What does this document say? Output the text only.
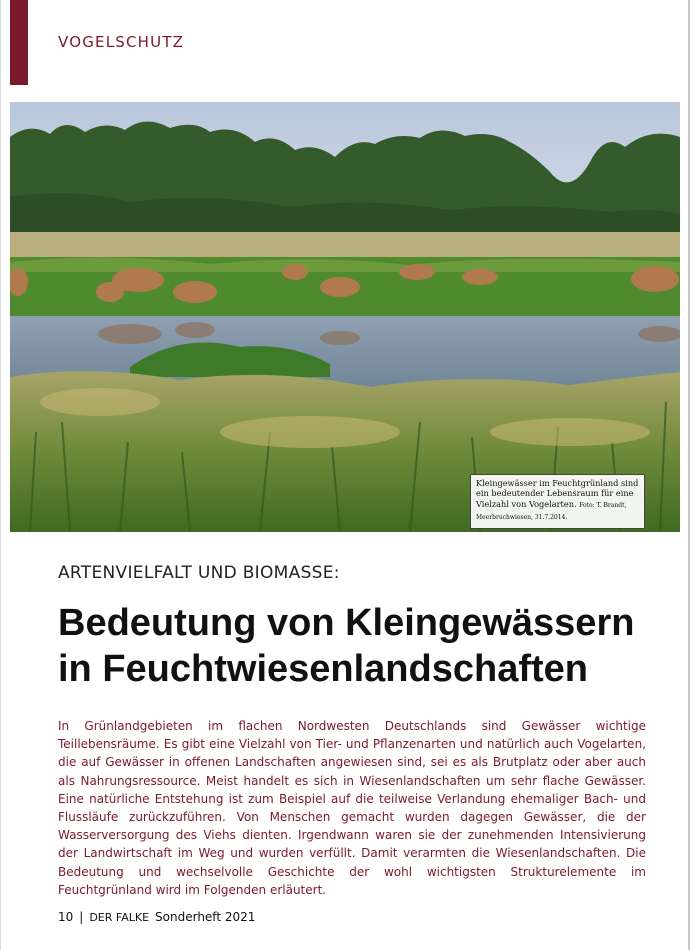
VOGELSCHUTZ
Kleingewässer im Feuchtgrünland sind ein bedeutender Lebensraum für eine Vielzahl von Vogelarten. Foto: T. Brandt, Meerbruchwiesen, 31.7.2014.
ARTENVIELFALT UND BIOMASSE:
Bedeutung von Kleingewässern
in Feuchtwiesenlandschaften

In Grünlandgebieten im flachen Nordwesten Deutschlands sind Gewässer wichtige Teillebensräume. Es gibt eine Vielzahl von Tier- und Pflanzenarten und natürlich auch Vogelarten, die auf Gewässer in offenen Landschaften angewiesen sind, sei es als Brutplatz oder aber auch als Nahrungsressource. Meist handelt es sich in Wiesenlandschaften um sehr flache Gewässer. Eine natürliche Entstehung ist zum Beispiel auf die teilweise Verlandung ehemaliger Bach- und Flussläufe zurückzuführen. Von Menschen gemacht wurden dagegen Gewässer, die der Wasserversorgung des Viehs dienten. Irgendwann waren sie der zunehmenden Intensivierung der Landwirtschaft im Weg und wurden verfüllt. Damit verarmten die Wiesenlandschaften. Die Bedeutung und wechselvolle Geschichte der wohl wichtigsten Strukturelemente im Feuchtgrünland wird im Folgenden erläutert.

10 | DER FALKE Sonderheft 2021
